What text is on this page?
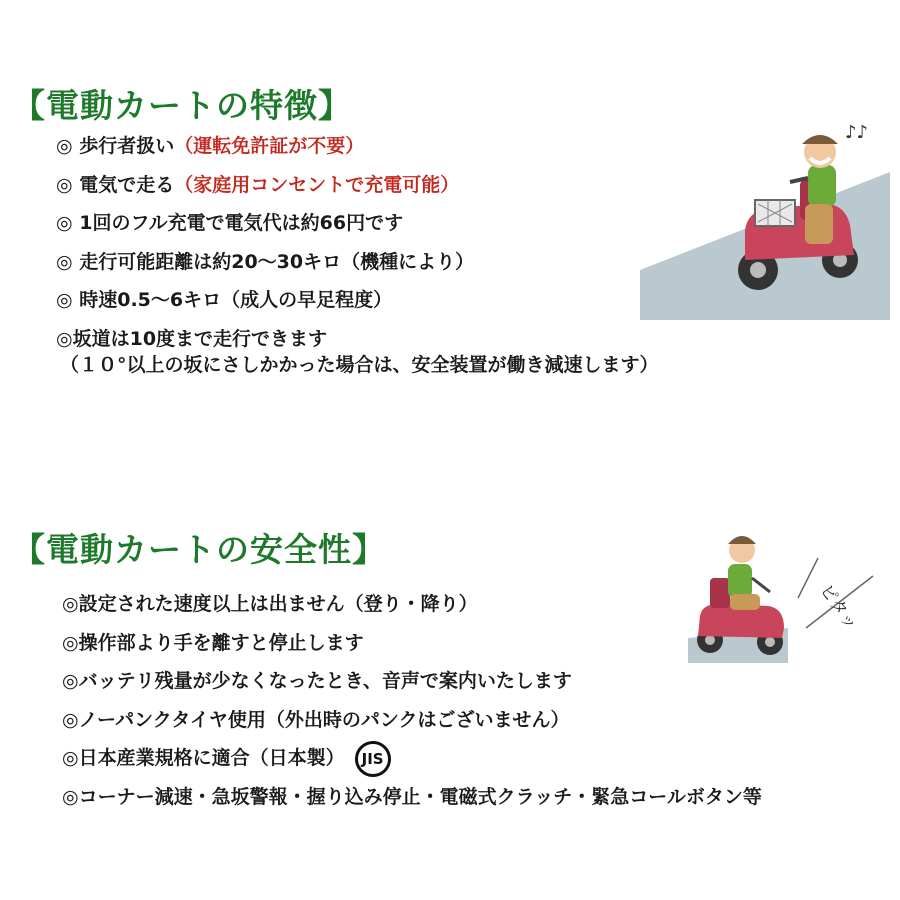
【電動カートの特徴】
◎ 歩行者扱い（運転免許証が不要）
◎ 電気で走る（家庭用コンセントで充電可能）
◎ 1回のフル充電で電気代は約66円です
◎ 走行可能距離は約20～30キロ（機種により）
◎ 時速0.5～6キロ（成人の早足程度）
◎坂道は10度まで走行できます
（１０°以上の坂にさしかかった場合は、安全装置が働き減速します）
♪♪
【電動カートの安全性】
◎設定された速度以上は出ません（登り・降り）
◎操作部より手を離すと停止します
◎バッテリ残量が少なくなったとき、音声で案内いたします
◎ノーパンクタイヤ使用（外出時のパンクはございません）
◎日本産業規格に適合（日本製） JIS
◎コーナー減速・急坂警報・握り込み停止・電磁式クラッチ・緊急コールボタン等
ピタッ
